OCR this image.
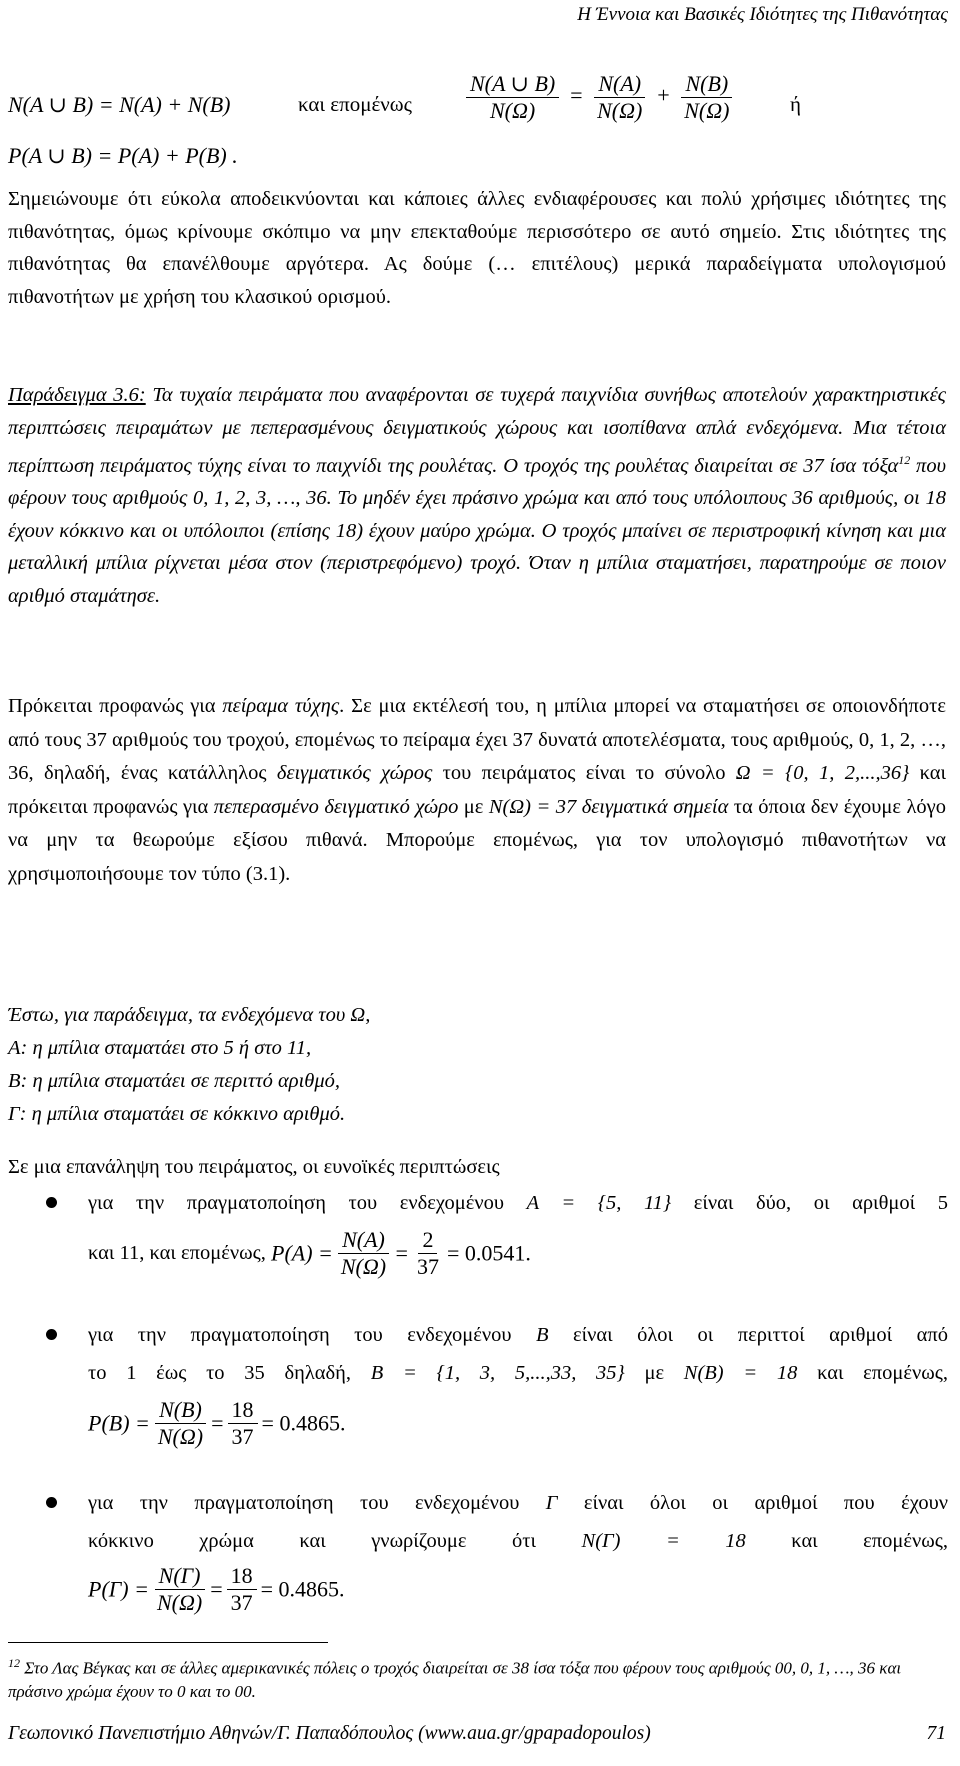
Η Έννοια και Βασικές Ιδιότητες της Πιθανότητας
N(A ∪ B) = N(A) + N(B)	και επομένως $\frac{N(A \cup B)}{N(\Omega)} = \frac{N(A)}{N(\Omega)} + \frac{N(B)}{N(\Omega)}$	ή
P(A ∪ B) = P(A) + P(B) .
Σημειώνουμε ότι εύκολα αποδεικνύονται και κάποιες άλλες ενδιαφέρουσες και πολύ χρήσιμες ιδιότητες της πιθανότητας, όμως κρίνουμε σκόπιμο να μην επεκταθούμε περισσότερο σε αυτό σημείο. Στις ιδιότητες της πιθανότητας θα επανέλθουμε αργότερα. Ας δούμε (… επιτέλους) μερικά παραδείγματα υπολογισμού πιθανοτήτων με χρήση του κλασικού ορισμού.
Παράδειγμα 3.6: Τα τυχαία πειράματα που αναφέρονται σε τυχερά παιχνίδια συνήθως αποτελούν χαρακτηριστικές περιπτώσεις πειραμάτων με πεπερασμένους δειγματικούς χώρους και ισοπίθανα απλά ενδεχόμενα. Μια τέτοια περίπτωση πειράματος τύχης είναι το παιχνίδι της ρουλέτας. Ο τροχός της ρουλέτας διαιρείται σε 37 ίσα τόξα$^{12}$ που φέρουν τους αριθμούς 0, 1, 2, 3, …, 36. Το μηδέν έχει πράσινο χρώμα και από τους υπόλοιπους 36 αριθμούς, οι 18 έχουν κόκκινο και οι υπόλοιποι (επίσης 18) έχουν μαύρο χρώμα. Ο τροχός μπαίνει σε περιστροφική κίνηση και μια μεταλλική μπίλια ρίχνεται μέσα στον (περιστρεφόμενο) τροχό. Όταν η μπίλια σταματήσει, παρατηρούμε σε ποιον αριθμό σταμάτησε.
Πρόκειται προφανώς για πείραμα τύχης. Σε μια εκτέλεσή του, η μπίλια μπορεί να σταματήσει σε οποιονδήποτε από τους 37 αριθμούς του τροχού, επομένως το πείραμα έχει 37 δυνατά αποτελέσματα, τους αριθμούς, 0, 1, 2, …, 36, δηλαδή, ένας κατάλληλος δειγματικός χώρος του πειράματος είναι το σύνολο Ω = {0, 1, 2,...,36} και πρόκειται προφανώς για πεπερασμένο δειγματικό χώρο με N(Ω) = 37 δειγματικά σημεία τα όποια δεν έχουμε λόγο να μην τα θεωρούμε εξίσου πιθανά. Μπορούμε επομένως, για τον υπολογισμό πιθανοτήτων να χρησιμοποιήσουμε τον τύπο (3.1).
Έστω, για παράδειγμα, τα ενδεχόμενα του Ω,
Α: η μπίλια σταματάει στο 5 ή στο 11,
Β: η μπίλια σταματάει σε περιττό αριθμό,
Γ: η μπίλια σταματάει σε κόκκινο αριθμό.
Σε μια επανάληψη του πειράματος, οι ευνοϊκές περιπτώσεις
για την πραγματοποίηση του ενδεχομένου A = {5, 11} είναι δύο, οι αριθμοί 5
και 11, και επομένως, $P(A) = \frac{N(A)}{N(\Omega)} = \frac{2}{37} = 0.0541$.
για την πραγματοποίηση του ενδεχομένου Β είναι όλοι οι περιττοί αριθμοί από
το 1 έως το 35 δηλαδή, B = {1, 3, 5,...,33, 35} με N(B) = 18 και επομένως,
$P(B) = \frac{N(B)}{N(\Omega)} = \frac{18}{37} = 0.4865$.
για την πραγματοποίηση του ενδεχομένου Γ είναι όλοι οι αριθμοί που έχουν
κόκκινο χρώμα και γνωρίζουμε ότι N(Γ) = 18 και επομένως,
$P(\Gamma) = \frac{N(\Gamma)}{N(\Omega)} = \frac{18}{37} = 0.4865$.
$^{12}$ Στο Λας Βέγκας και σε άλλες αμερικανικές πόλεις ο τροχός διαιρείται σε 38 ίσα τόξα που φέρουν τους αριθμούς 00, 0, 1, …, 36 και πράσινο χρώμα έχουν το 0 και το 00.
Γεωπονικό Πανεπιστήμιο Αθηνών/Γ. Παπαδόπουλος (www.aua.gr/gpapadopoulos)	71
